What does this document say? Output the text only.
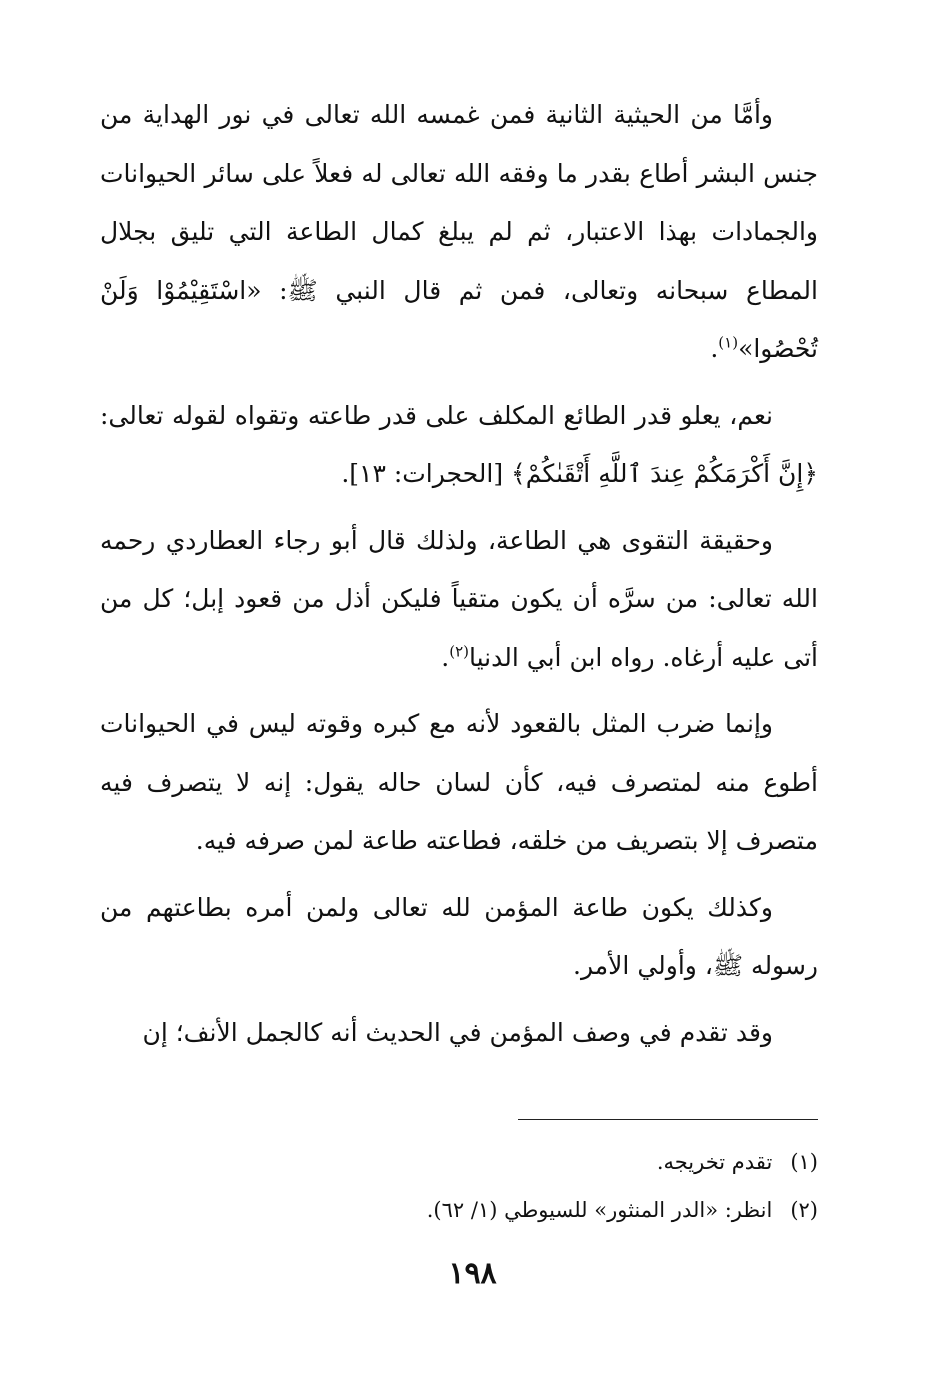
وأمَّا من الحيثية الثانية فمن غمسه الله تعالى في نور الهداية من جنس البشر أطاع بقدر ما وفقه الله تعالى له فعلاً على سائر الحيوانات والجمادات بهذا الاعتبار، ثم لم يبلغ كمال الطاعة التي تليق بجلال المطاع سبحانه وتعالى، فمن ثم قال النبي ﷺ: «اسْتَقِيْمُوْا وَلَنْ تُحْصُوا»$^{(١)}$.

نعم، يعلو قدر الطائع المكلف على قدر طاعته وتقواه لقوله تعالى: ﴿إِنَّ أَكْرَمَكُمْ عِندَ ٱللَّهِ أَتْقَىٰكُمْ﴾ [الحجرات: ١٣].

وحقيقة التقوى هي الطاعة، ولذلك قال أبو رجاء العطاردي رحمه الله تعالى: من سرَّه أن يكون متقياً فليكن أذل من قعود إبل؛ كل من أتى عليه أرغاه. رواه ابن أبي الدنيا$^{(٢)}$.

وإنما ضرب المثل بالقعود لأنه مع كبره وقوته ليس في الحيوانات أطوع منه لمتصرف فيه، كأن لسان حاله يقول: إنه لا يتصرف فيه متصرف إلا بتصريف من خلقه، فطاعته طاعة لمن صرفه فيه.

وكذلك يكون طاعة المؤمن لله تعالى ولمن أمره بطاعتهم من رسوله ﷺ، وأولي الأمر.

وقد تقدم في وصف المؤمن في الحديث أنه كالجمل الأنف؛ إن

(١)تقدم تخريجه.

(٢)انظر: «الدر المنثور» للسيوطي (١/ ٦٢).

١٩٨
